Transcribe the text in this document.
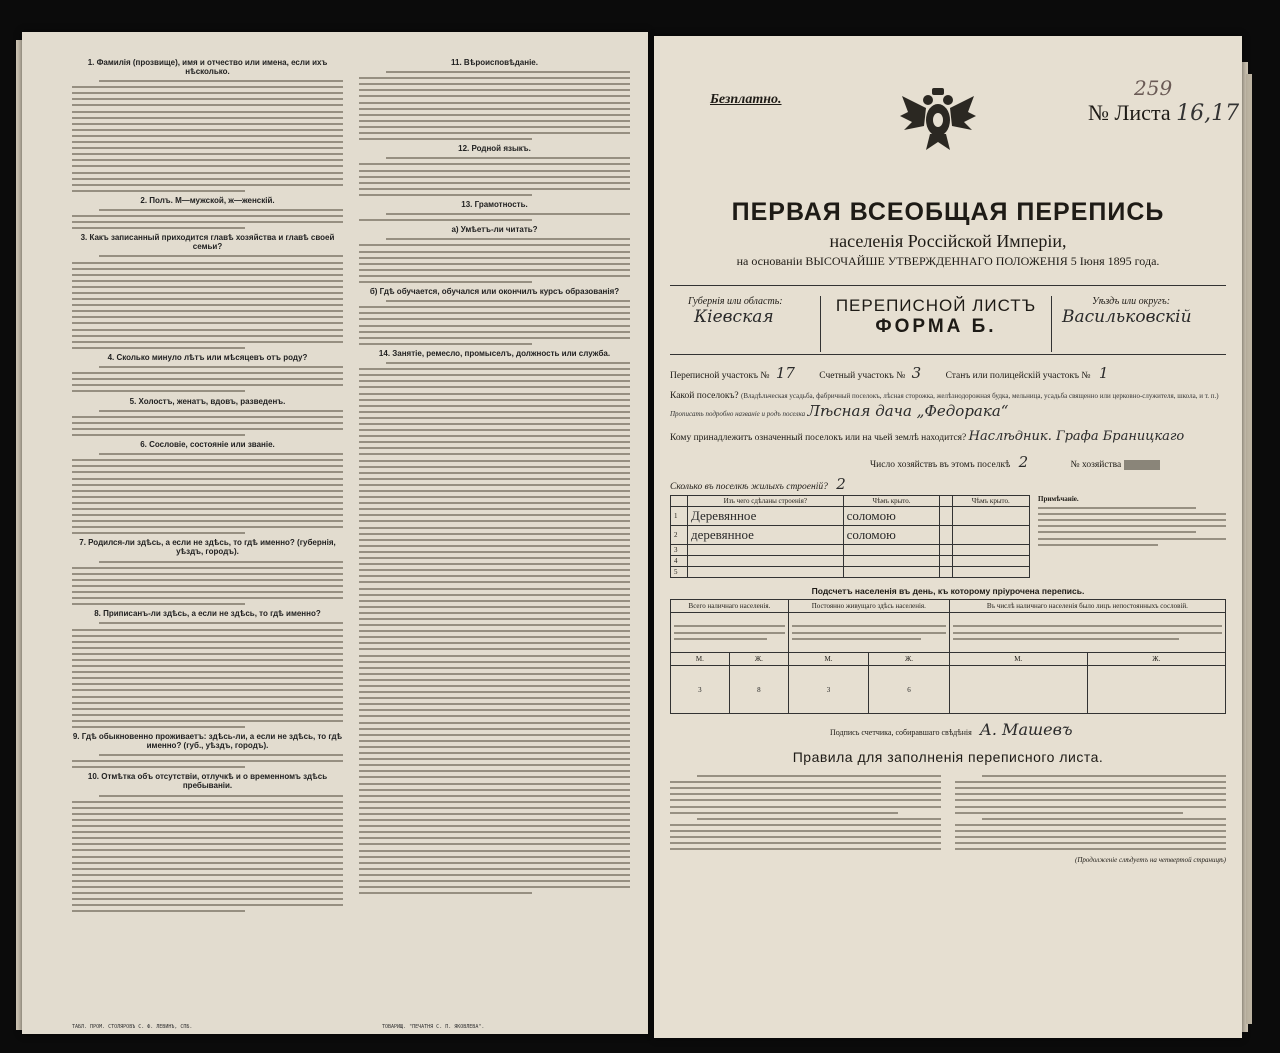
1. Фамилія (прозвище), имя и отчество или имена, если ихъ нѣсколько.
2. Полъ. М—мужской, ж—женскій.
3. Какъ записанный приходится главѣ хозяйства и главѣ своей семьи?
4. Сколько минуло лѣтъ или мѣсяцевъ отъ роду?
5. Холостъ, женатъ, вдовъ, разведенъ.
6. Сословіе, состояніе или званіе.
7. Родился-ли здѣсь, а если не здѣсь, то гдѣ именно? (губернія, уѣздъ, городъ).
8. Приписанъ-ли здѣсь, а если не здѣсь, то гдѣ именно?
9. Гдѣ обыкновенно проживаетъ: здѣсь-ли, а если не здѣсь, то гдѣ именно? (губ., уѣздъ, городъ).
10. Отмѣтка объ отсутствіи, отлучкѣ и о временномъ здѣсь пребываніи.
11. Вѣроисповѣданіе.
12. Родной языкъ.
13. Грамотность.
а) Умѣетъ-ли читать?
б) Гдѣ обучается, обучался или окончилъ курсъ образованія?
14. Занятіе, ремесло, промыселъ, должность или служба.
ТАБЛ. ПРОМ. СТОЛЯРОВЪ С. Ф. ЛЕВИНЪ, СПБ.	ТОВАРИЩ. "ПЕЧАТНЯ С. П. ЯКОВЛЕВА".
259
Безплатно.
№ Листа 16,17
ПЕРВАЯ ВСЕОБЩАЯ ПЕРЕПИСЬ
населенія Россійской Имперіи,
на основаніи ВЫСОЧАЙШЕ УТВЕРЖДЕННАГО ПОЛОЖЕНІЯ 5 Іюня 1895 года.
Губернія или область:
Кіевская
ПЕРЕПИСНОЙ ЛИСТЪ
ФОРМА Б.
Уѣздъ или округъ:
Васильковскій
Переписной участокъ № 17	Счетный участокъ № 3	Станъ или полицейскій участокъ № 1
Какой поселокъ? (Владѣльческая усадьба, фабричный поселокъ, лѣсная сторожка, желѣзнодорожная будка, мельница, усадьба священно или церковно-служителя, школа, и т. п.) Прописать подробно названіе и родъ поселка Лѣсная дача „Федорака“
Кому принадлежитъ означенный поселокъ или на чьей землѣ находится? Наслѣдник. Графа Браницкаго
Число хозяйствъ въ этомъ поселкѣ 2	№ хозяйства
Сколько въ поселкѣ жилыхъ строеній? 2
	Изъ чего сдѣланы строенія?	Чѣмъ крыто.		Чѣмъ крыто.
1	Деревянное	соломою		
2	деревянное	соломою		
3				
4				
5				
Примѣчаніе.
Подсчетъ населенія въ день, къ которому пріурочена перепись.
Всего наличнаго населенія.		Постоянно живущаго здѣсь населенія.		Въ числѣ наличнаго населенія было лицъ непостоянныхъ сословій.	

М.	Ж.	М.	Ж.	М.	Ж.
3	8	3	6		
Подпись счетчика, собиравшаго свѣдѣнія А. Машевъ
Правила для заполненія переписного листа.
(Продолженіе слѣдуетъ на четвертой страницѣ)
